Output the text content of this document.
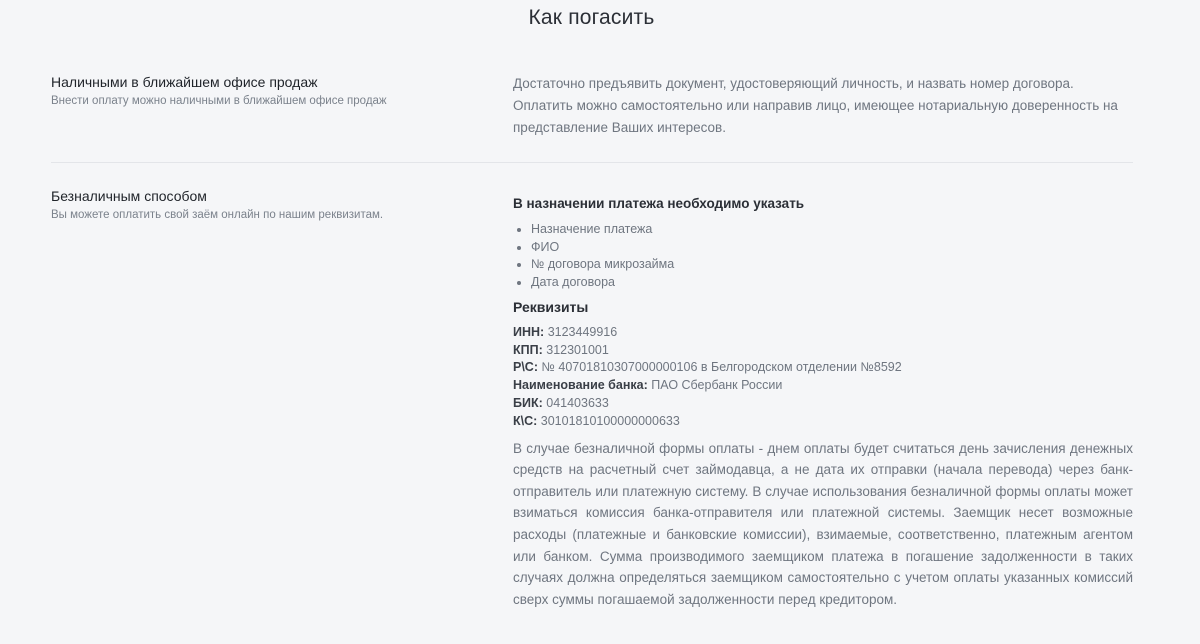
Как погасить
Наличными в ближайшем офисе продаж
Внести оплату можно наличными в ближайшем офисе продаж

Достаточно предъявить документ, удостоверяющий личность, и назвать номер договора. Оплатить можно самостоятельно или направив лицо, имеющее нотариальную доверенность на представление Ваших интересов.

Безналичным способом
Вы можете оплатить свой заём онлайн по нашим реквизитам.
В назначении платежа необходимо указать
Назначение платежа
ФИО
№ договора микрозайма
Дата договора
Реквизиты
ИНН: 3123449916
КПП: 312301001
Р\С: № 40701810307000000106 в Белгородском отделении №8592
Наименование банка: ПАО Сбербанк России
БИК: 041403633
К\С: 30101810100000000633

В случае безналичной формы оплаты - днем оплаты будет считаться день зачисления денежных средств на расчетный счет займодавца, а не дата их отправки (начала перевода) через банк-отправитель или платежную систему. В случае использования безналичной формы оплаты может взиматься комиссия банка-отправителя или платежной системы. Заемщик несет возможные расходы (платежные и банковские комиссии), взимаемые, соответственно, платежным агентом или банком. Сумма производимого заемщиком платежа в погашение задолженности в таких случаях должна определяться заемщиком самостоятельно с учетом оплаты указанных комиссий сверх суммы погашаемой задолженности перед кредитором.
